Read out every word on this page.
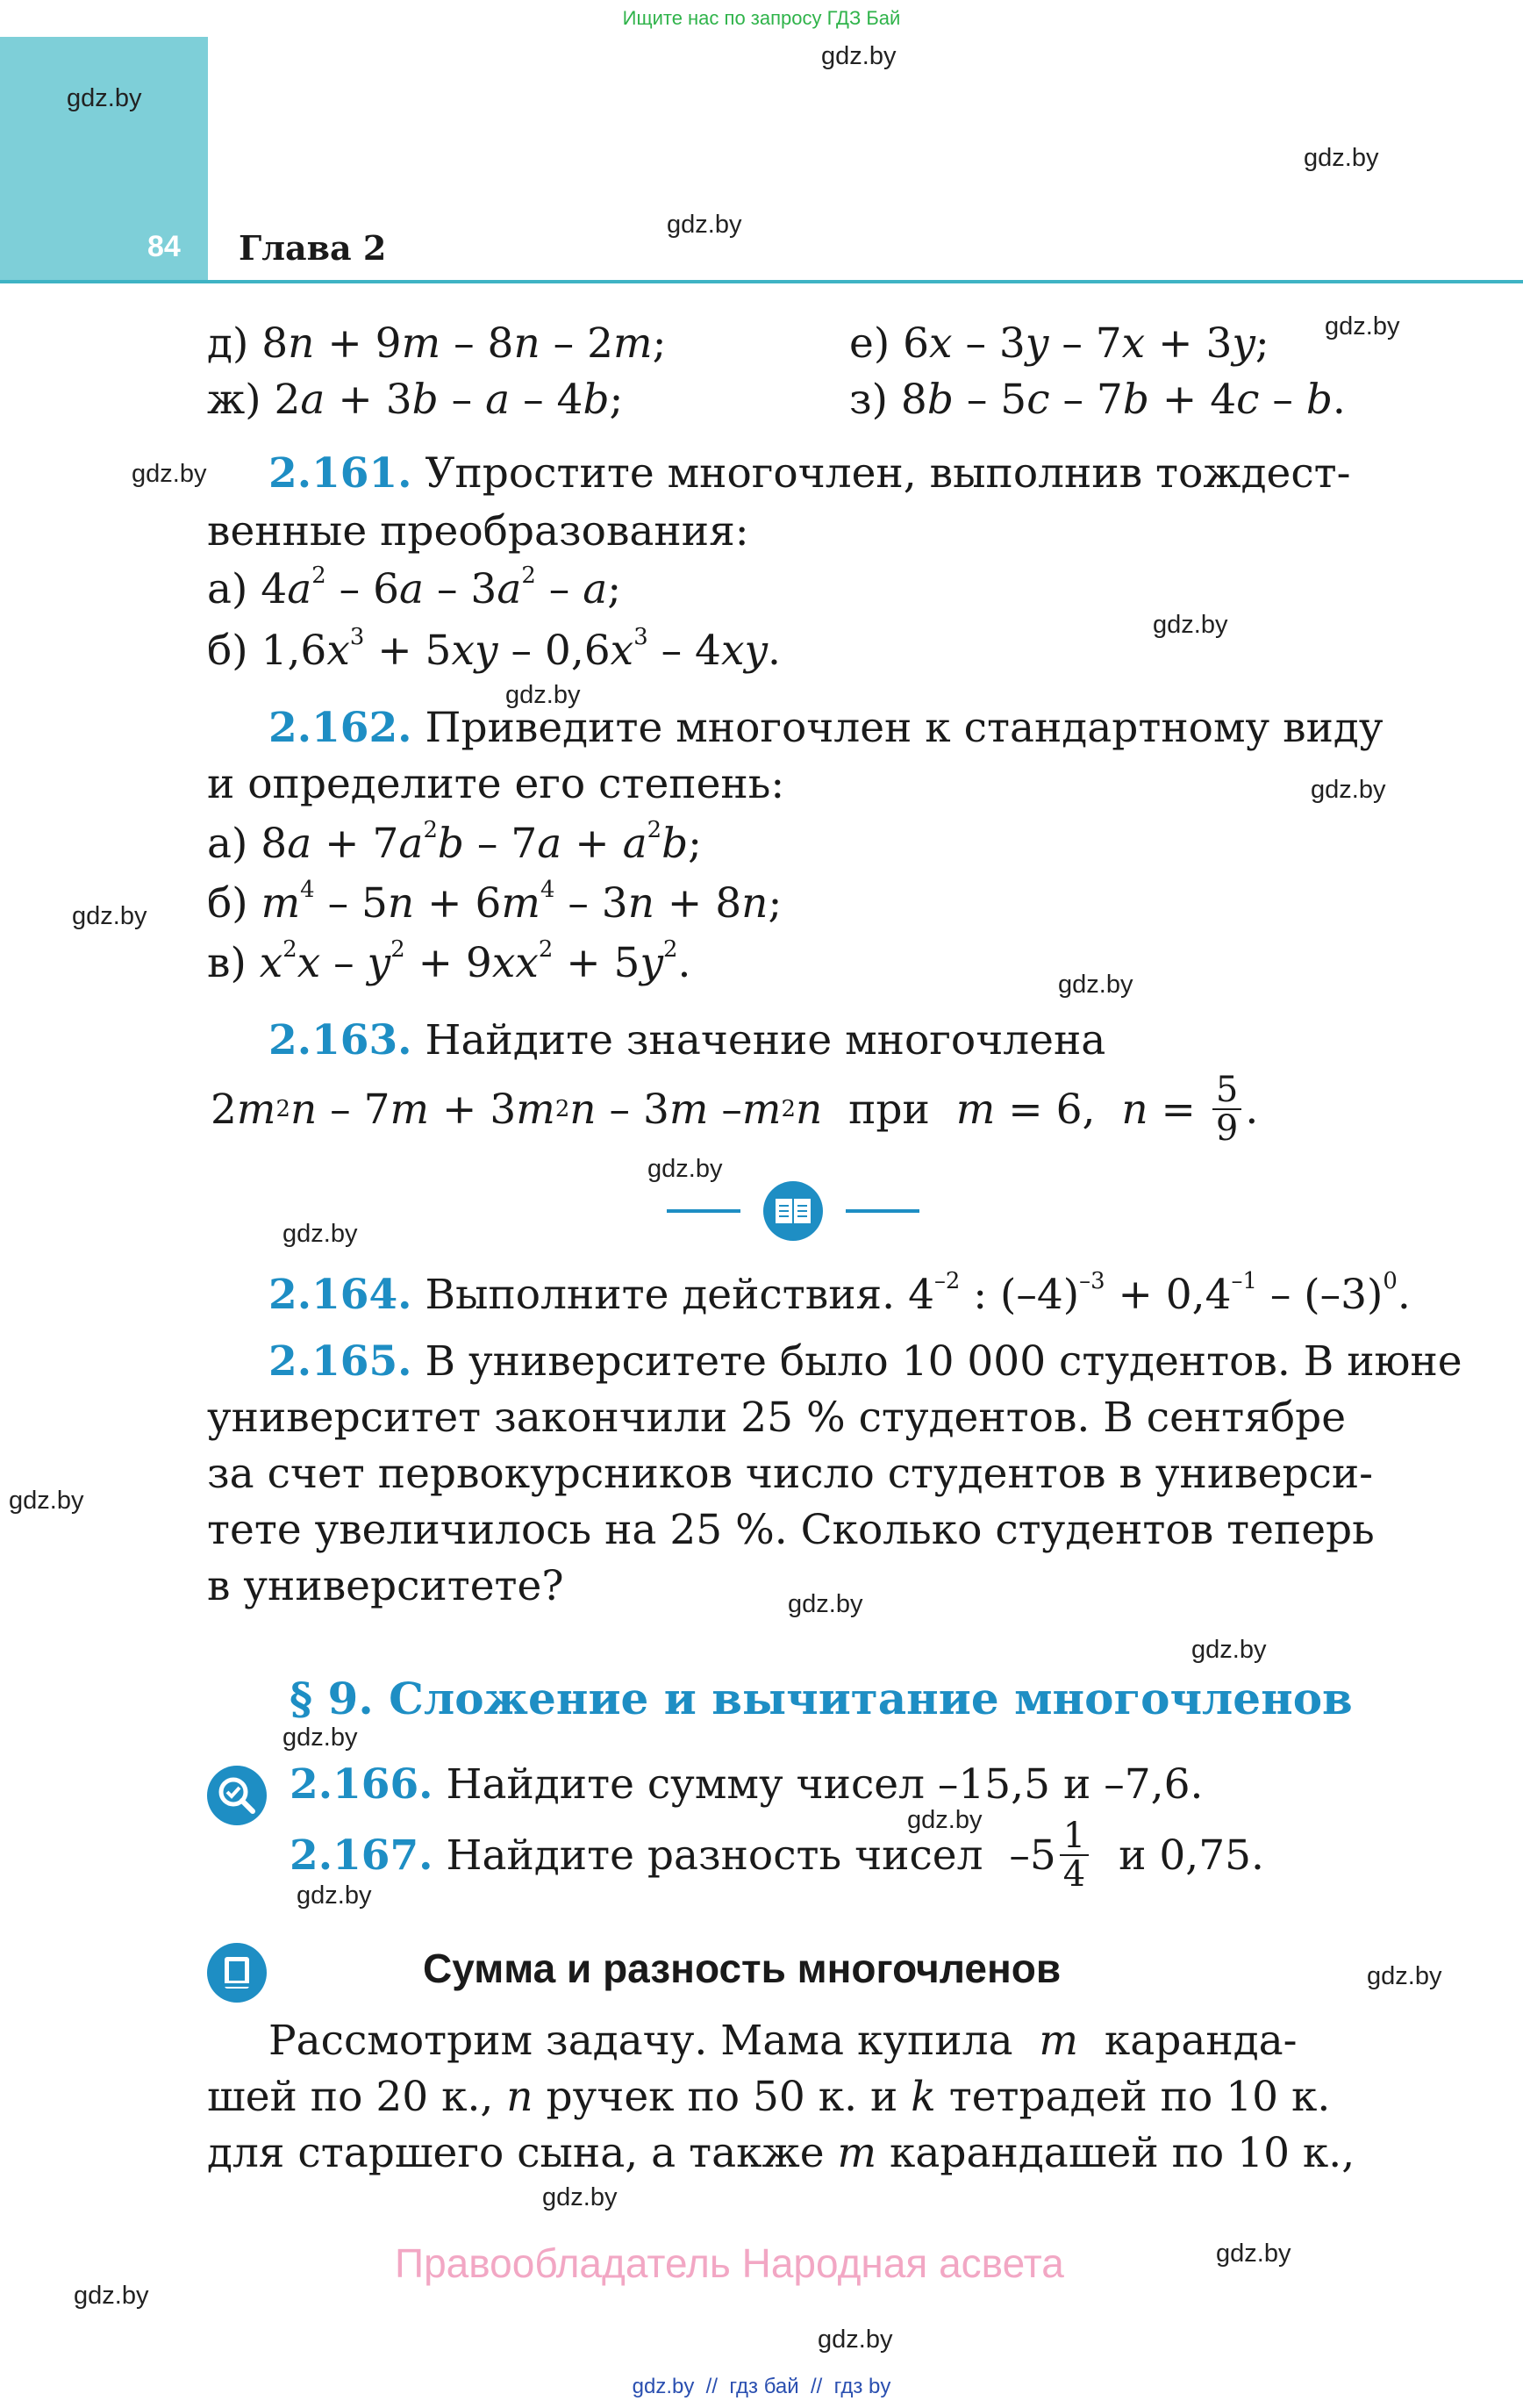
Ищите нас по запросу ГДЗ Бай
84 Глава 2
gdz.by
gdz.by
gdz.by
gdz.by
gdz.by
gdz.by
gdz.by
gdz.by
gdz.by
gdz.by
gdz.by
gdz.by
gdz.by
gdz.by
gdz.by
gdz.by
gdz.by
gdz.by
gdz.by
gdz.by
gdz.by
gdz.by
gdz.by
gdz.by
д) 8n + 9m – 8n – 2m;	е) 6x – 3y – 7x + 3y;
ж) 2a + 3b – a – 4b;	з) 8b – 5c – 7b + 4c – b.
2.161. Упростите многочлен, выполнив тождест-
венные преобразования:
а) $4a^2 - 6a - 3a^2$ – a;
б) $1,6x^3 + 5xy - 0,6x^3 - 4xy$.
2.162. Приведите многочлен к стандартному виду
и определите его степень:
а) $8a + 7a^2b - 7a + a^2b$;
б) $m^4 - 5n + 6m^4 - 3n + 8n$;
в) $x^2x - y^2 + 9xx^2 + 5y^2$.
2.163. Найдите значение многочлена
2 m 2 n – 7 m + 3 m 2 n – 3 m – m 2 n
при
m = 6, $n = \frac{5}{9}$ .
2.164. Выполните действия. $4^{-2}$ : $(-4)^{-3} + 0,4^{-1} - (-3)^0$.
2.165. В университете было 10 000 студентов. В июне
университет закончили 25 % студентов. В сентябре
за счет первокурсников число студентов в универси-
тете увеличилось на 25 %. Сколько студентов теперь
в университете?
§ 9. Сложение и вычитание многочленов
2.166. Найдите сумму чисел –15,5 и –7,6.
2.167.
Найдите разность чисел
$-5 \frac{1}{4}$
и 0,75.
Сумма и разность многочленов
Рассмотрим задачу. Мама купила m  каранда-
шей по 20 к., n ручек по 50 к. и k тетрадей по 10 к.
для старшего сына, а также m карандашей по 10 к.,
Правообладатель Народная асвета
gdz.by  //  гдз бай  //  гдз by
